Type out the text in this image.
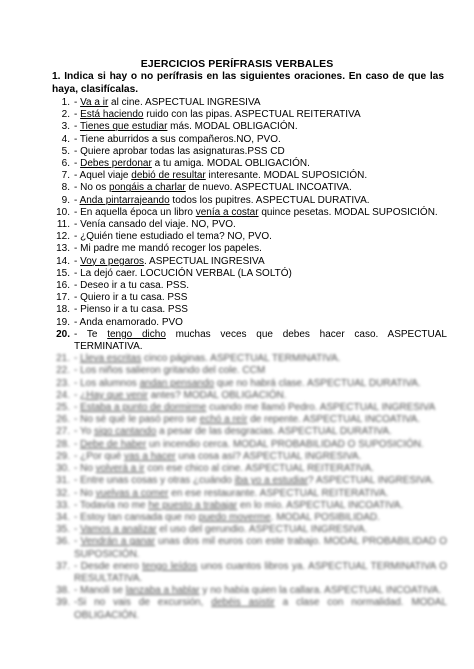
EJERCICIOS PERÍFRASIS VERBALES
1. Indica si hay o no perífrasis en las siguientes oraciones. En caso de que las haya, clasifícalas.
1. - Va a ir al cine. ASPECTUAL INGRESIVA
2. - Está haciendo ruido con las pipas. ASPECTUAL REITERATIVA
3. - Tienes que estudiar más. MODAL OBLIGACIÓN.
4. - Tiene aburridos a sus compañeros.NO, PVO.
5. - Quiere aprobar todas las asignaturas.PSS CD
6. - Debes perdonar a tu amiga. MODAL OBLIGACIÓN.
7. - Aquel viaje debió de resultar interesante. MODAL SUPOSICIÓN.
8. - No os pongáis a charlar de nuevo. ASPECTUAL INCOATIVA.
9. - Anda pintarrajeando todos los pupitres. ASPECTUAL DURATIVA.
10. - En aquella época un libro venía a costar quince pesetas. MODAL SUPOSICIÓN.
11. - Venía cansado del viaje. NO, PVO.
12. - ¿Quién tiene estudiado el tema? NO, PVO.
13. - Mi padre me mandó recoger los papeles.
14. - Voy a pegaros. ASPECTUAL INGRESIVA
15. - La dejó caer. LOCUCIÓN VERBAL (LA SOLTÓ)
16. - Deseo ir a tu casa. PSS.
17. - Quiero ir a tu casa. PSS
18. - Pienso ir a tu casa. PSS
19. - Anda enamorado. PVO
20. - Te tengo dicho muchas veces que debes hacer caso. ASPECTUAL TERMINATIVA.
21. - Lleva escritas cinco páginas. ASPECTUAL TERMINATIVA.
22. - Los niños salieron gritando del cole. CCM
23. - Los alumnos andan pensando que no habrá clase. ASPECTUAL DURATIVA.
24. - ¿Hay que venir antes? MODAL OBLIGACIÓN.
25. - Estaba a punto de dormirme cuando me llamó Pedro. ASPECTUAL INGRESIVA
26. - No sé qué le pasó pero se echó a reír de repente. ASPECTUAL INCOATIVA.
27. - Yo sigo cantando a pesar de las desgracias. ASPECTUAL DURATIVA.
28. - Debe de haber un incendio cerca. MODAL PROBABILIDAD O SUPOSICIÓN.
29. - ¿Por qué vas a hacer una cosa así? ASPECTUAL INGRESIVA.
30. - No volverá a ir con ese chico al cine. ASPECTUAL REITERATIVA.
31. - Entre unas cosas y otras ¿cuándo iba yo a estudiar? ASPECTUAL INGRESIVA.
32. - No vuelvas a comer en ese restaurante. ASPECTUAL REITERATIVA.
33. - Todavía no me he puesto a trabajar en lo mío. ASPECTUAL INCOATIVA.
34. - Estoy tan cansada que no puedo moverme. MODAL POSIBILIDAD.
35. - Vamos a analizar el uso del gerundio. ASPECTUAL INGRESIVA.
36. - Vendrán a ganar unas dos mil euros con este trabajo. MODAL PROBABILIDAD O SUPOSICIÓN.
37. - Desde enero tengo leídos unos cuantos libros ya. ASPECTUAL TERMINATIVA O RESULTATIVA.
38. - Manoli se lanzaba a hablar y no había quien la callara. ASPECTUAL INCOATIVA.
39. -Si no vais de excursión, debéis asistir a clase con normalidad. MODAL OBLIGACIÓN.
